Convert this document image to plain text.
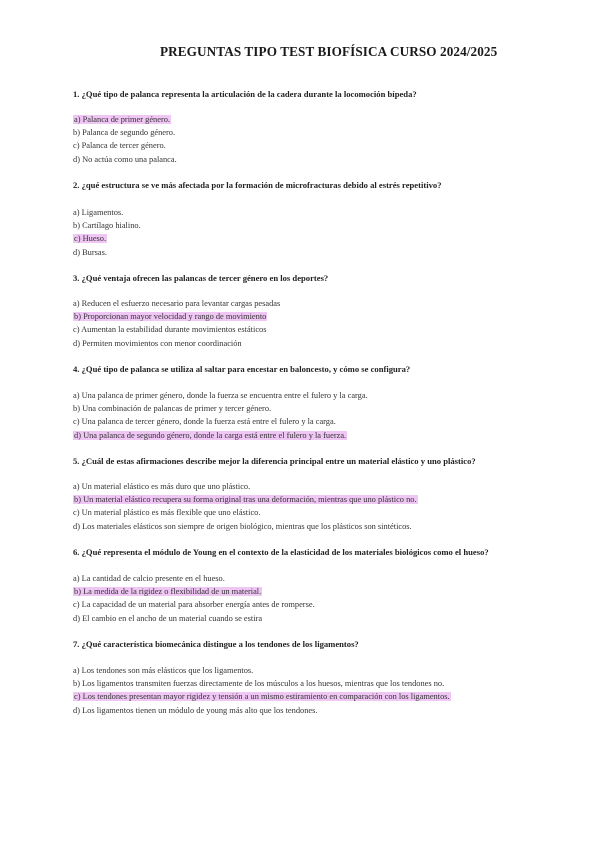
PREGUNTAS TIPO TEST BIOFÍSICA CURSO 2024/2025
1. ¿Qué tipo de palanca representa la articulación de la cadera durante la locomoción bípeda?
a) Palanca de primer género.
b) Palanca de segundo género.
c) Palanca de tercer género.
d) No actúa como una palanca.
2. ¿qué estructura se ve más afectada por la formación de microfracturas debido al estrés repetitivo?
a) Ligamentos.
b) Cartílago hialino.
c) Hueso.
d) Bursas.
3. ¿Qué ventaja ofrecen las palancas de tercer género en los deportes?
a) Reducen el esfuerzo necesario para levantar cargas pesadas
b) Proporcionan mayor velocidad y rango de movimiento
c) Aumentan la estabilidad durante movimientos estáticos
d) Permiten movimientos con menor coordinación
4. ¿Qué tipo de palanca se utiliza al saltar para encestar en baloncesto, y cómo se configura?
a) Una palanca de primer género, donde la fuerza se encuentra entre el fulero y la carga.
b) Una combinación de palancas de primer y tercer género.
c) Una palanca de tercer género, donde la fuerza está entre el fulero y la carga.
d) Una palanca de segundo género, donde la carga está entre el fulero y la fuerza.
5. ¿Cuál de estas afirmaciones describe mejor la diferencia principal entre un material elástico y uno plástico?
a) Un material elástico es más duro que uno plástico.
b) Un material elástico recupera su forma original tras una deformación, mientras que uno plástico no.
c) Un material plástico es más flexible que uno elástico.
d) Los materiales elásticos son siempre de origen biológico, mientras que los plásticos son sintéticos.
6. ¿Qué representa el módulo de Young en el contexto de la elasticidad de los materiales biológicos como el hueso?
a) La cantidad de calcio presente en el hueso.
b) La medida de la rigidez o flexibilidad de un material.
c) La capacidad de un material para absorber energía antes de romperse.
d) El cambio en el ancho de un material cuando se estira
7. ¿Qué característica biomecánica distingue a los tendones de los ligamentos?
a) Los tendones son más elásticos que los ligamentos.
b) Los ligamentos transmiten fuerzas directamente de los músculos a los huesos, mientras que los tendones no.
c) Los tendones presentan mayor rigidez y tensión a un mismo estiramiento en comparación con los ligamentos.
d) Los ligamentos tienen un módulo de young más alto que los tendones.
